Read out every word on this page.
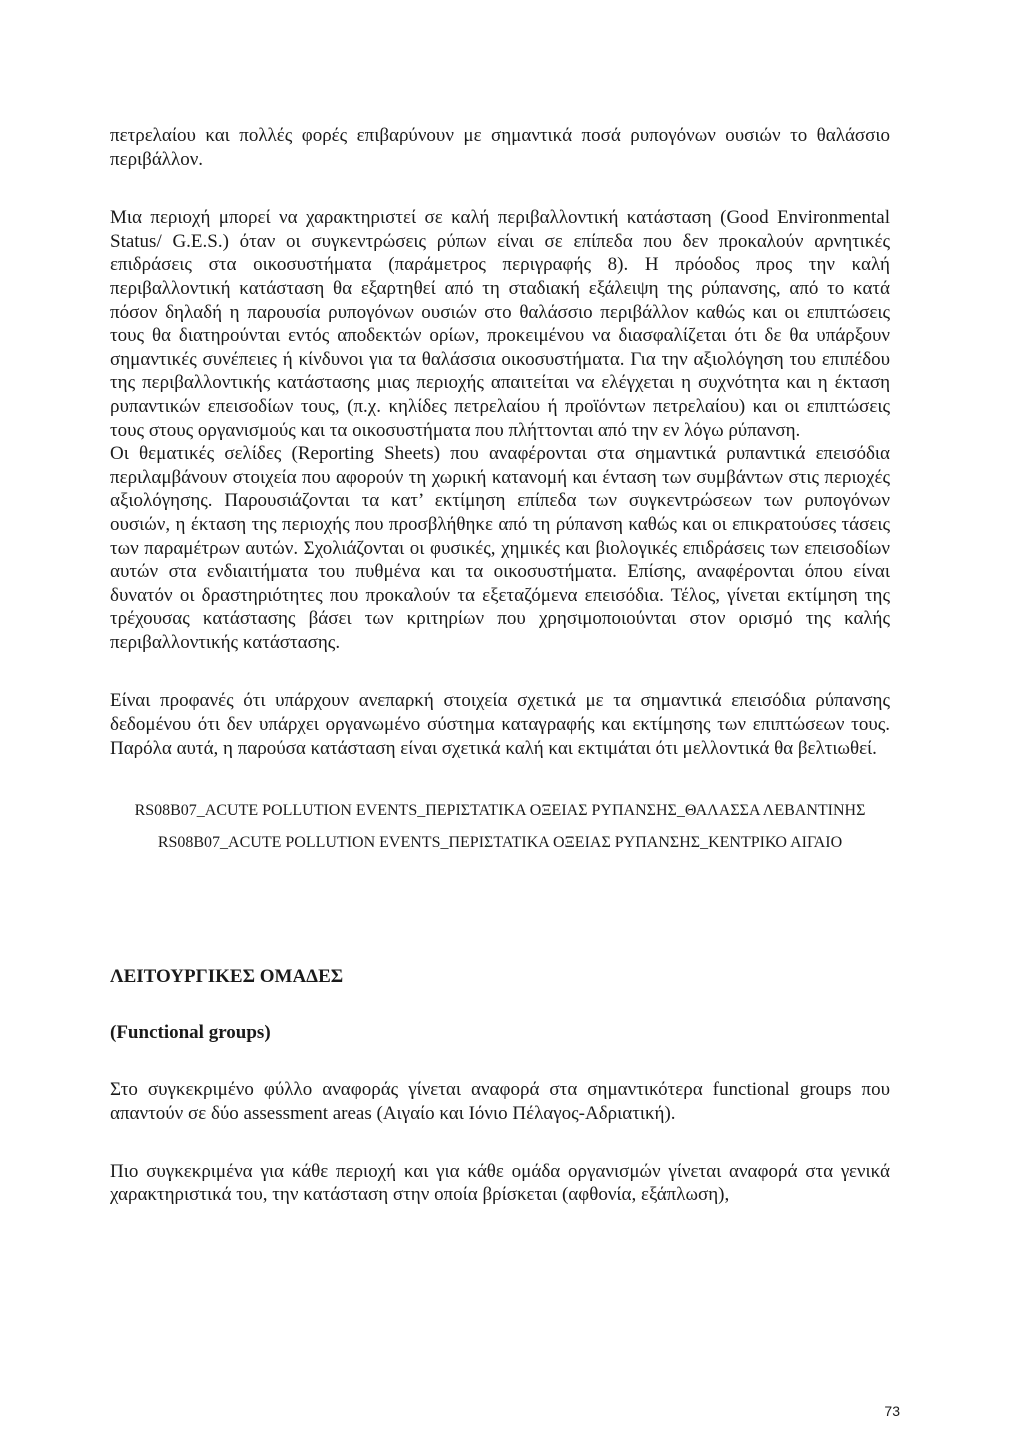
πετρελαίου και πολλές φορές επιβαρύνουν με σημαντικά ποσά ρυπογόνων ουσιών το θαλάσσιο περιβάλλον.

Μια περιοχή μπορεί να χαρακτηριστεί σε καλή περιβαλλοντική κατάσταση (Good Environmental Status/ G.E.S.) όταν οι συγκεντρώσεις ρύπων είναι σε επίπεδα που δεν προκαλούν αρνητικές επιδράσεις στα οικοσυστήματα (παράμετρος περιγραφής 8). Η πρόοδος προς την καλή περιβαλλοντική κατάσταση θα εξαρτηθεί από τη σταδιακή εξάλειψη της ρύπανσης, από το κατά πόσον δηλαδή η παρουσία ρυπογόνων ουσιών στο θαλάσσιο περιβάλλον καθώς και οι επιπτώσεις τους θα διατηρούνται εντός αποδεκτών ορίων, προκειμένου να διασφαλίζεται ότι δε θα υπάρξουν σημαντικές συνέπειες ή κίνδυνοι για τα θαλάσσια οικοσυστήματα. Για την αξιολόγηση του επιπέδου της περιβαλλοντικής κατάστασης μιας περιοχής απαιτείται να ελέγχεται η συχνότητα και η έκταση ρυπαντικών επεισοδίων τους, (π.χ. κηλίδες πετρελαίου ή προϊόντων πετρελαίου) και οι επιπτώσεις τους στους οργανισμούς και τα οικοσυστήματα που πλήττονται από την εν λόγω ρύπανση.

Οι θεματικές σελίδες (Reporting Sheets) που αναφέρονται στα σημαντικά ρυπαντικά επεισόδια περιλαμβάνουν στοιχεία που αφορούν τη χωρική κατανομή και ένταση των συμβάντων στις περιοχές αξιολόγησης. Παρουσιάζονται τα κατ’ εκτίμηση επίπεδα των συγκεντρώσεων των ρυπογόνων ουσιών, η έκταση της περιοχής που προσβλήθηκε από τη ρύπανση καθώς και οι επικρατούσες τάσεις των παραμέτρων αυτών. Σχολιάζονται οι φυσικές, χημικές και βιολογικές επιδράσεις των επεισοδίων αυτών στα ενδιαιτήματα του πυθμένα και τα οικοσυστήματα. Επίσης, αναφέρονται όπου είναι δυνατόν οι δραστηριότητες που προκαλούν τα εξεταζόμενα επεισόδια. Τέλος, γίνεται εκτίμηση της τρέχουσας κατάστασης βάσει των κριτηρίων που χρησιμοποιούνται στον ορισμό της καλής περιβαλλοντικής κατάστασης.

Είναι προφανές ότι υπάρχουν ανεπαρκή στοιχεία σχετικά με τα σημαντικά επεισόδια ρύπανσης δεδομένου ότι δεν υπάρχει οργανωμένο σύστημα καταγραφής και εκτίμησης των επιπτώσεων τους. Παρόλα αυτά, η παρούσα κατάσταση είναι σχετικά καλή και εκτιμάται ότι μελλοντικά θα βελτιωθεί.

RS08B07_ACUTE POLLUTION EVENTS_ΠΕΡΙΣΤΑΤΙΚΑ ΟΞΕΙΑΣ ΡΥΠΑΝΣΗΣ_ΘΑΛΑΣΣΑ ΛΕΒΑΝΤΙΝΗΣ
RS08B07_ACUTE POLLUTION EVENTS_ΠΕΡΙΣΤΑΤΙΚΑ ΟΞΕΙΑΣ ΡΥΠΑΝΣΗΣ_ΚΕΝΤΡΙΚΟ ΑΙΓΑΙΟ

ΛΕΙΤΟΥΡΓΙΚΕΣ ΟΜΑΔΕΣ

(Functional groups)

Στο συγκεκριμένο φύλλο αναφοράς γίνεται αναφορά στα σημαντικότερα functional groups που απαντούν σε δύο assessment areas (Αιγαίο και Ιόνιο Πέλαγος-Αδριατική).

Πιο συγκεκριμένα για κάθε περιοχή και για κάθε ομάδα οργανισμών γίνεται αναφορά στα γενικά χαρακτηριστικά του, την κατάσταση στην οποία βρίσκεται (αφθονία, εξάπλωση),

73
